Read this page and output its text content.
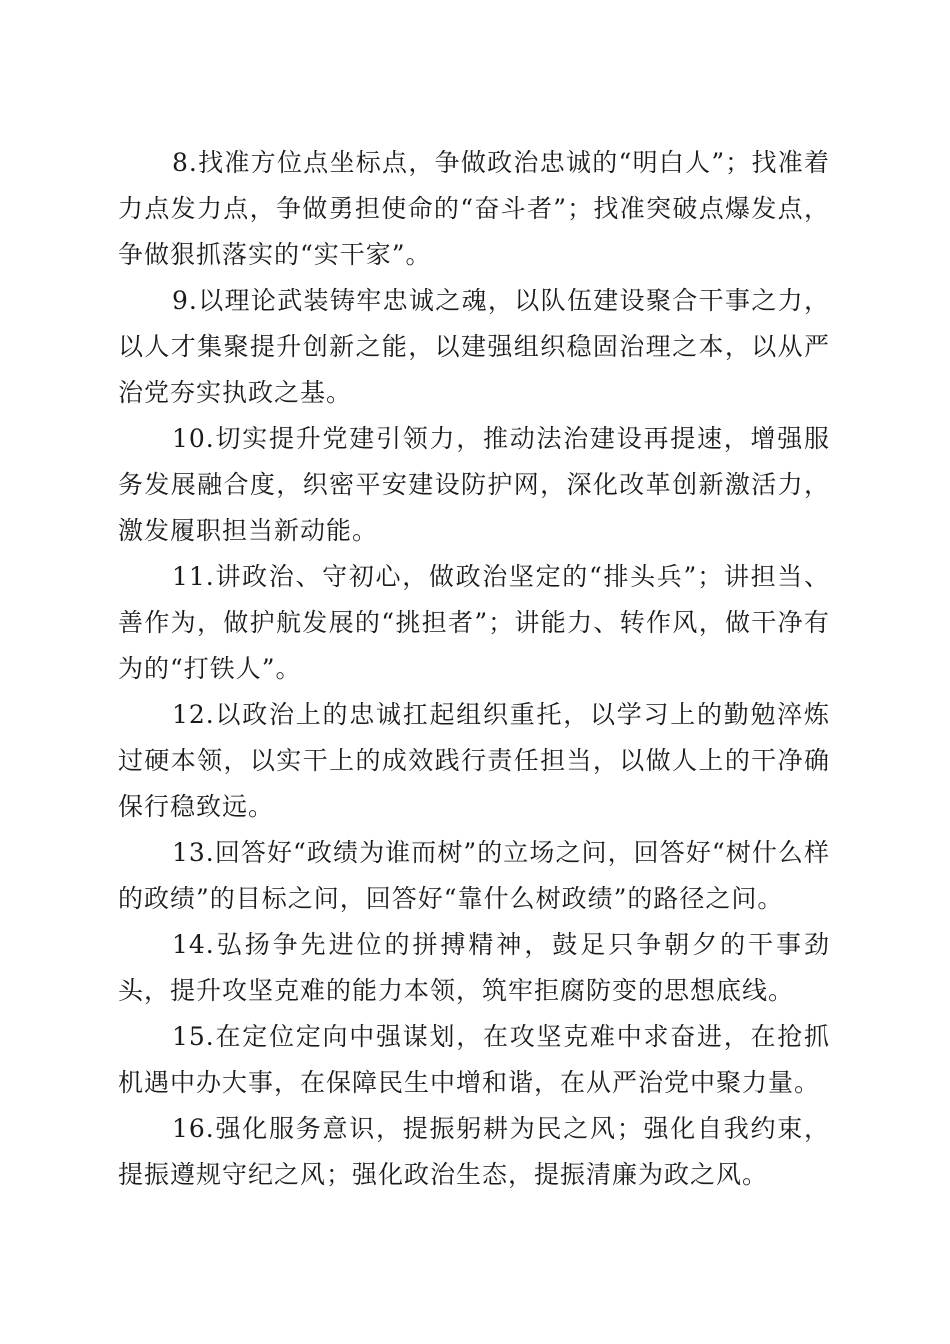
8.找准方位点坐标点，争做政治忠诚的“明白人”；找准着力点发力点，争做勇担使命的“奋斗者”；找准突破点爆发点，争做狠抓落实的“实干家”。

9.以理论武装铸牢忠诚之魂，以队伍建设聚合干事之力，以人才集聚提升创新之能，以建强组织稳固治理之本，以从严治党夯实执政之基。

10.切实提升党建引领力，推动法治建设再提速，增强服务发展融合度，织密平安建设防护网，深化改革创新激活力，激发履职担当新动能。

11.讲政治、守初心，做政治坚定的“排头兵”；讲担当、善作为，做护航发展的“挑担者”；讲能力、转作风，做干净有为的“打铁人”。

12.以政治上的忠诚扛起组织重托，以学习上的勤勉淬炼过硬本领，以实干上的成效践行责任担当，以做人上的干净确保行稳致远。

13.回答好“政绩为谁而树”的立场之问，回答好“树什么样的政绩”的目标之问，回答好“靠什么树政绩”的路径之问。

14.弘扬争先进位的拼搏精神，鼓足只争朝夕的干事劲头，提升攻坚克难的能力本领，筑牢拒腐防变的思想底线。

15.在定位定向中强谋划，在攻坚克难中求奋进，在抢抓机遇中办大事，在保障民生中增和谐，在从严治党中聚力量。

16.强化服务意识，提振躬耕为民之风；强化自我约束，提振遵规守纪之风；强化政治生态，提振清廉为政之风。
